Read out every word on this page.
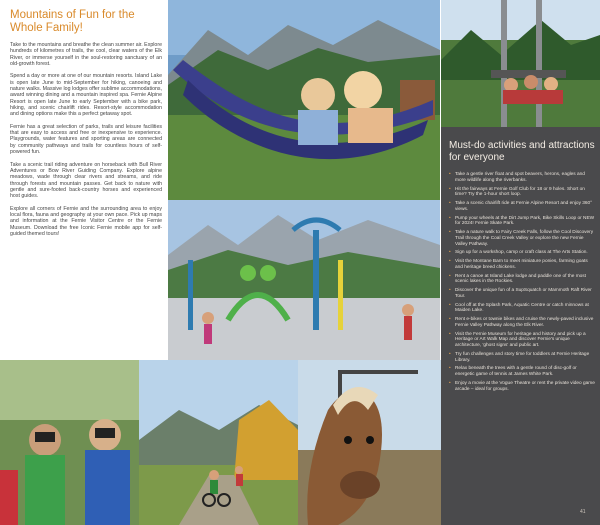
Mountains of Fun for the Whole Family!

Take to the mountains and breathe the clean summer air. Explore hundreds of kilometres of trails, the cool, clear waters of the Elk River, or immerse yourself in the soul-restoring sanctuary of an old-growth forest.

Spend a day or more at one of our mountain resorts. Island Lake is open late June to mid-September for hiking, canoeing and nature walks. Massive log lodges offer sublime accommodations, award winning dining and a mountain inspired spa. Fernie Alpine Resort is open late June to early September with a bike park, hiking, and scenic chairlift rides. Resort-style accommodation and dining options make this a perfect getaway spot.

Fernie has a great selection of parks, trails and leisure facilities that are easy to access and free or inexpensive to experience. Playgrounds, water features and sporting areas are connected by community pathways and trails for countless hours of self-powered fun.

Take a scenic trail riding adventure on horseback with Bull River Adventures or Bow River Guiding Company. Explore alpine meadows, wade through clear rivers and streams, and ride through forests and mountain passes. Get back to nature with gentle and sure-footed back-country horses and experienced host guides.

Explore all corners of Fernie and the surrounding area to enjoy local flora, fauna and geography at your own pace. Pick up maps and information at the Fernie Visitor Centre or the Fernie Museum. Download the free Iconic Fernie mobile app for self-guided themed tours!

Must-do activities and attractions for everyone
• Take a gentle river float and spot beavers, herons, eagles and more wildlife along the riverbanks.
• Hit the fairways at Fernie Golf Club for 18 or 9 holes. Short on time? Try the 1-hour short loop.
• Take a scenic chairlift ride at Fernie Alpine Resort and enjoy 360° views.
• Pump your wheels at the Dirt Jump Park, Bike Skills Loop or NEW for 2024! Fernie Skate Park.
• Take a nature walk to Fairy Creek Falls, follow the Cool Discovery Trail through the Coal Creek Valley or explore the new Fernie Valley Pathway.
• Sign up for a workshop, camp or craft class at The Arts Station.
• Visit the Montane Barn to meet miniature ponies, farming goats and heritage breed chickens.
• Rent a canoe at Island Lake lodge and paddle one of the most scenic lakes in the Rockies.
• Discover the unique fun of a SupSquatch or Mammoth Raft River Tour.
• Cool off at the Splash Park, Aquatic Centre or catch minnows at Maiden Lake.
• Rent e-bikes or townie bikes and cruise the newly-paved inclusive Fernie Valley Pathway along the Elk River.
• Visit the Fernie Museum for heritage and history and pick up a Heritage or Art Walk Map and discover Fernie's unique architecture, 'ghost signs' and public art.
• Try fun challenges and story time for toddlers at Fernie Heritage Library.
• Relax beneath the trees with a gentle round of disc-golf or energetic game of tennis at James White Park.
• Enjoy a movie at the Vogue Theatre or rent the private video game arcade – ideal for groups.
41
